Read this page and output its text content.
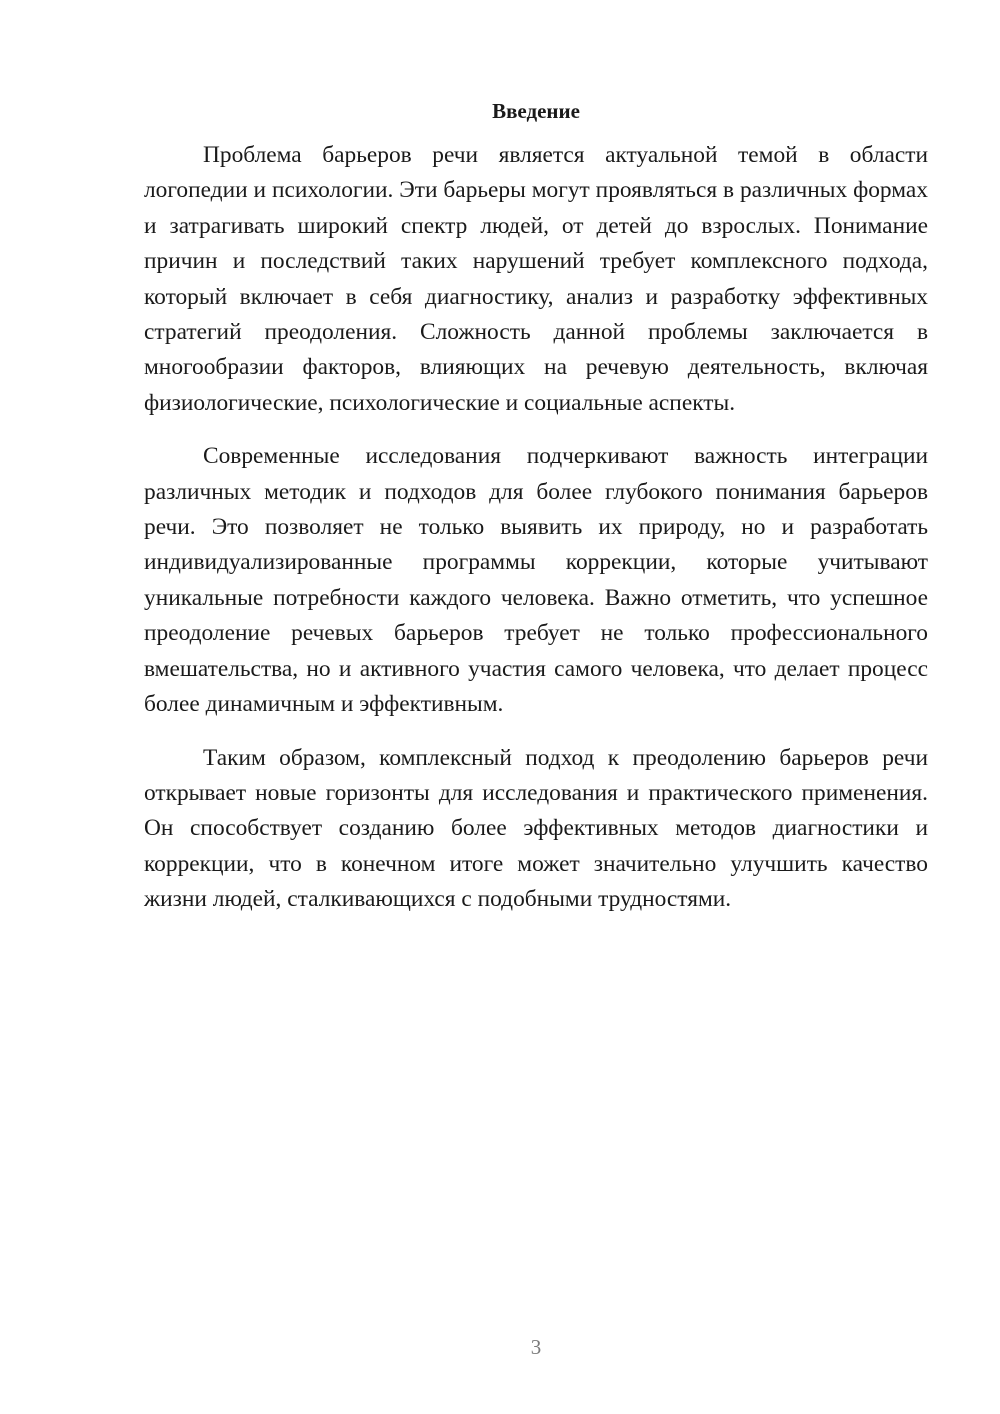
Введение

Проблема барьеров речи является актуальной темой в области логопедии и психологии. Эти барьеры могут проявляться в различных формах и затрагивать широкий спектр людей, от детей до взрослых. Понимание причин и последствий таких нарушений требует комплексного подхода, который включает в себя диагностику, анализ и разработку эффективных стратегий преодоления. Сложность данной проблемы заключается в многообразии факторов, влияющих на речевую деятельность, включая физиологические, психологические и социальные аспекты.

Современные исследования подчеркивают важность интеграции различных методик и подходов для более глубокого понимания барьеров речи. Это позволяет не только выявить их природу, но и разработать индивидуализированные программы коррекции, которые учитывают уникальные потребности каждого человека. Важно отметить, что успешное преодоление речевых барьеров требует не только профессионального вмешательства, но и активного участия самого человека, что делает процесс более динамичным и эффективным.

Таким образом, комплексный подход к преодолению барьеров речи открывает новые горизонты для исследования и практического применения. Он способствует созданию более эффективных методов диагностики и коррекции, что в конечном итоге может значительно улучшить качество жизни людей, сталкивающихся с подобными трудностями.

3
